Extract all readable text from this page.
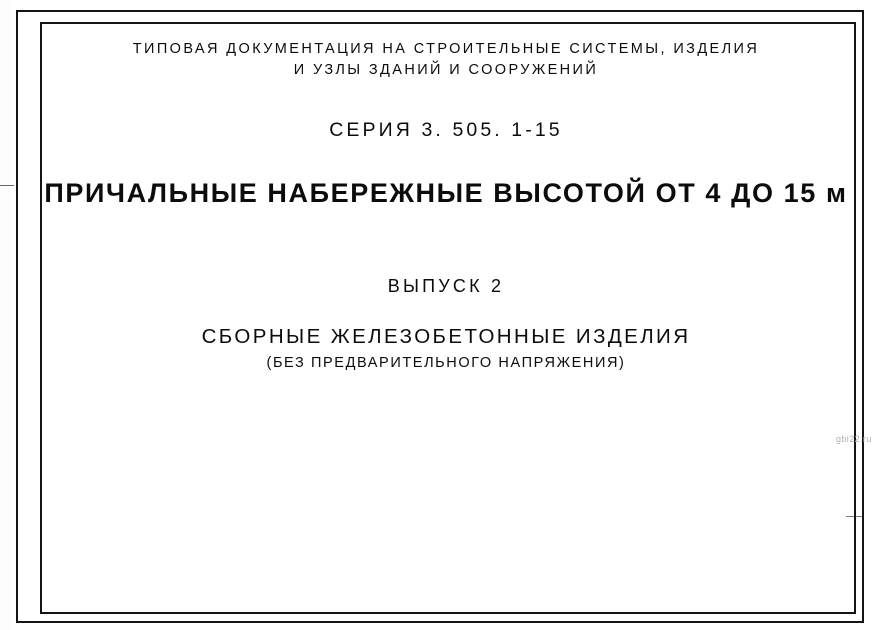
ТИПОВАЯ ДОКУМЕНТАЦИЯ НА СТРОИТЕЛЬНЫЕ СИСТЕМЫ, ИЗДЕЛИЯ
И УЗЛЫ ЗДАНИЙ И СООРУЖЕНИЙ
СЕРИЯ 3. 505. 1-15
ПРИЧАЛЬНЫЕ НАБЕРЕЖНЫЕ ВЫСОТОЙ ОТ 4 ДО 15 м
ВЫПУСК 2
СБОРНЫЕ ЖЕЛЕЗОБЕТОННЫЕ ИЗДЕЛИЯ
(БЕЗ ПРЕДВАРИТЕЛЬНОГО НАПРЯЖЕНИЯ)
gbi22.ru
